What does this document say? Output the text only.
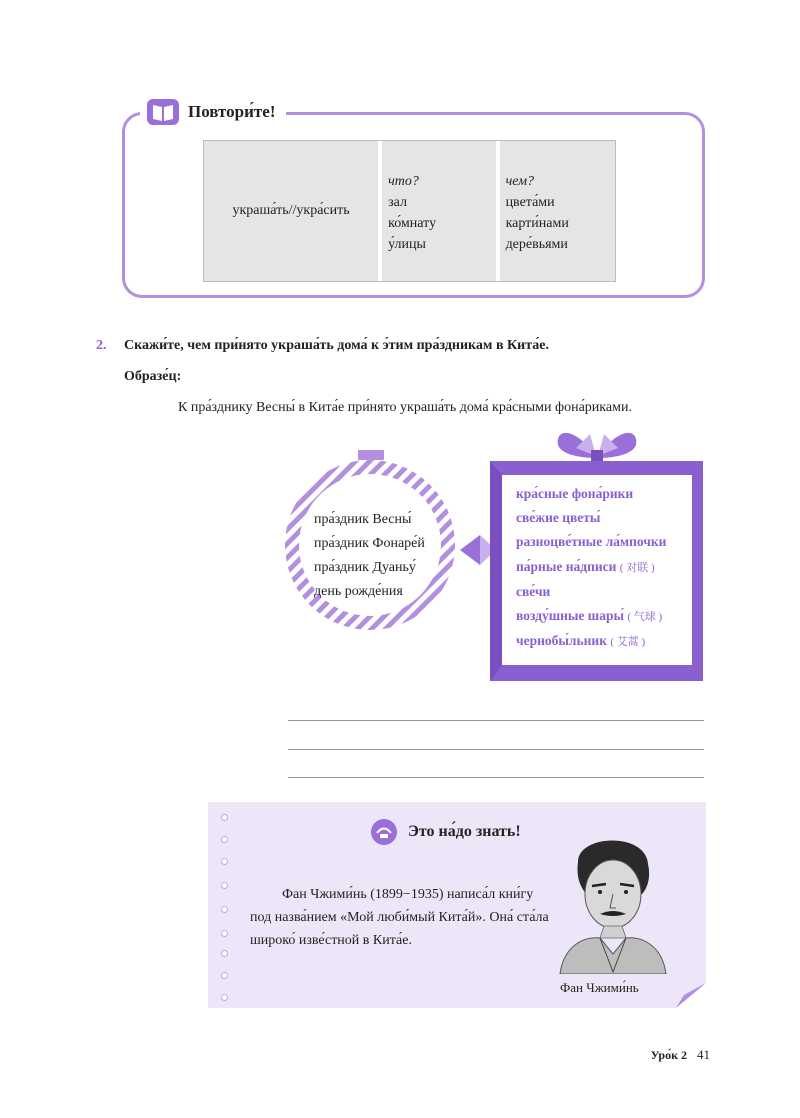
Повтори́те!
украша́ть//укра́сить
что?
зал
ко́мнату
у́лицы
чем?
цвета́ми
карти́нами
дере́вьями
2. Скажи́те, чем при́нято украша́ть дома́ к э́тим пра́здникам в Кита́е.
Образе́ц:
К пра́зднику Весны́ в Кита́е при́нято украша́ть дома́ кра́сными фона́риками.
пра́здник Весны́
пра́здник Фонаре́й
пра́здник Дуаньу́
день рожде́ния
кра́сные фона́рики
све́жие цветы́
разноцве́тные ла́мпочки
па́рные на́дписи ( 对联 )
све́чи
возду́шные шары́ ( 气球 )
чернобы́льник ( 艾蒿 )
Это на́до знать!
Фан Чжими́нь (1899−1935) написа́л кни́гу под назва́нием «Мой люби́мый Кита́й». Она́ ста́ла широко́ изве́стной в Кита́е.
Фан Чжими́нь
Уро́к 2 41
